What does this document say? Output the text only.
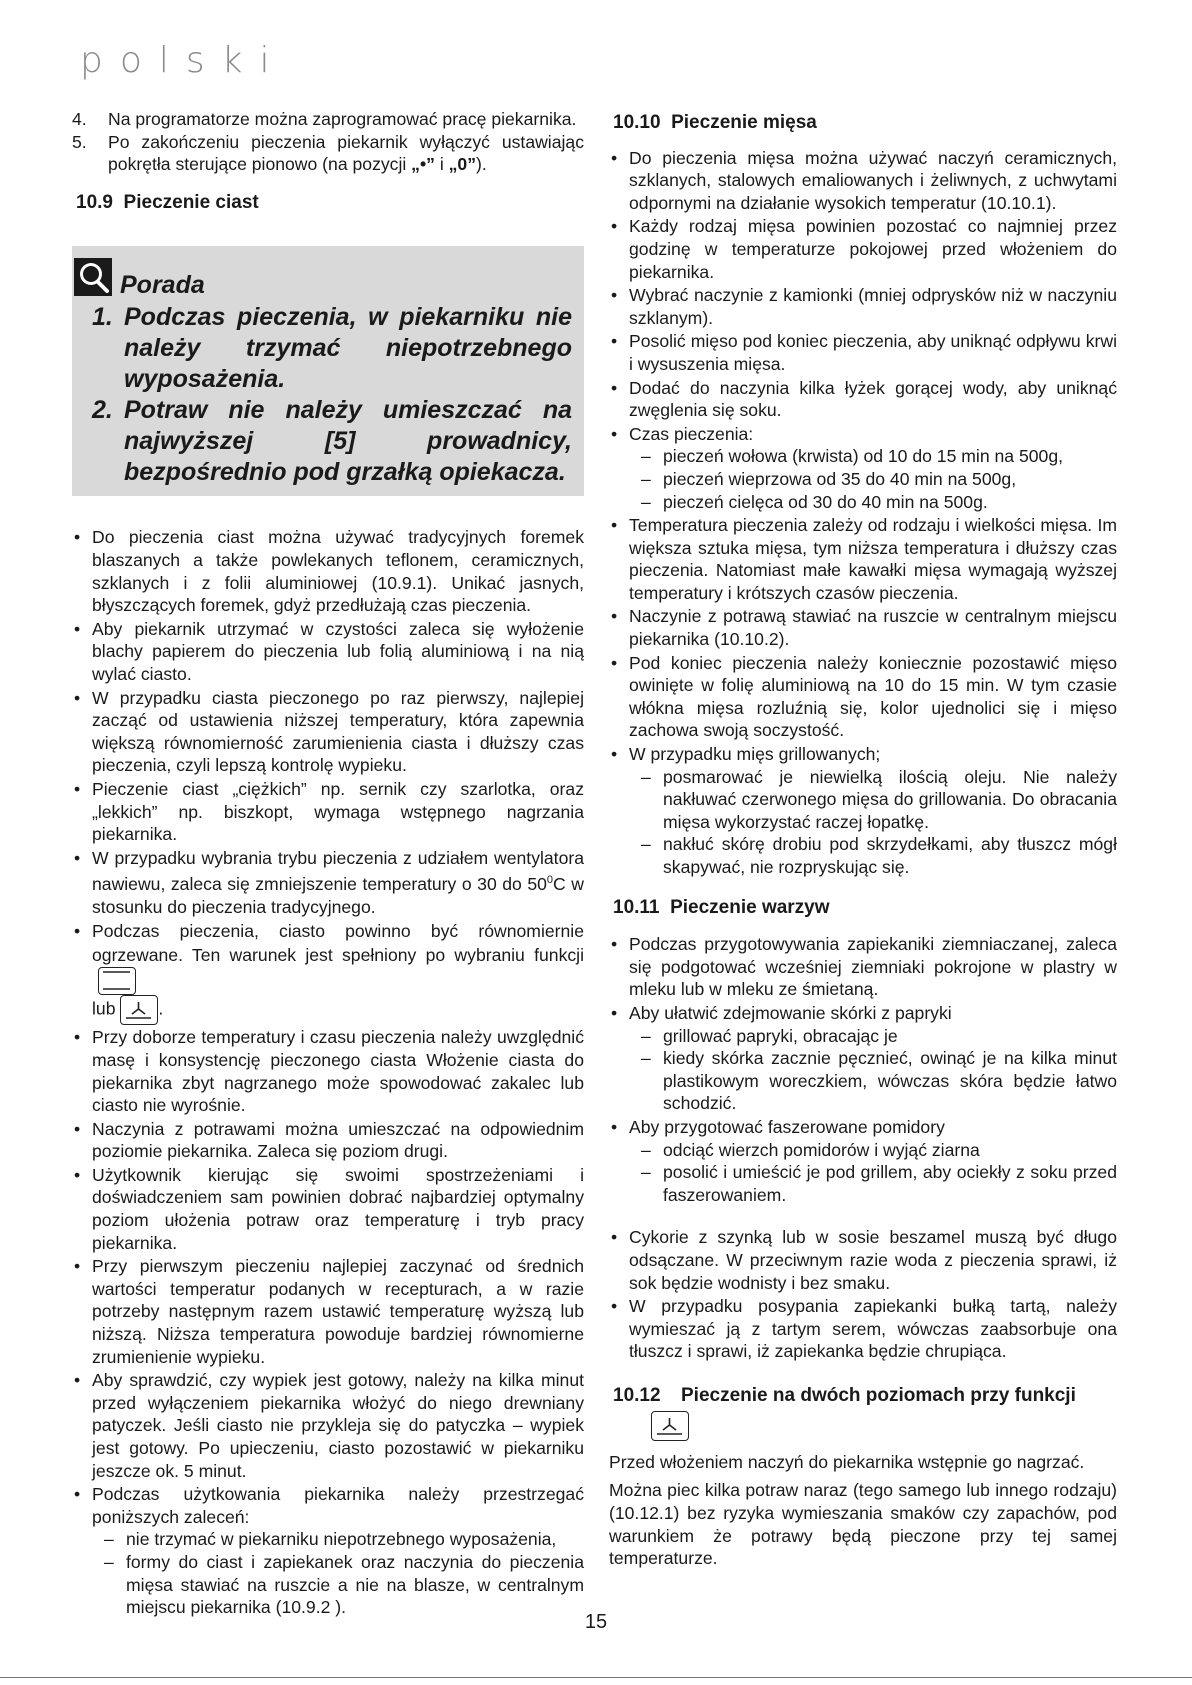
polski
4.	Na programatorze można zaprogramować pracę piekarnika.
5.	Po zakończeniu pieczenia piekarnik wyłączyć ustawiając pokrętła sterujące pionowo (na pozycji „•” i „0”).
10.9 Pieczenie ciast
Porada
1. Podczas pieczenia, w piekarniku nie należy trzymać niepotrzebnego wyposażenia.
2. Potraw nie należy umieszczać na najwyższej [5] prowadnicy, bezpośrednio pod grzałką opiekacza.
• Do pieczenia ciast można używać tradycyjnych foremek blaszanych a także powlekanych teflonem, ceramicznych, szklanych i z folii aluminiowej (10.9.1). Unikać jasnych, błyszczących foremek, gdyż przedłużają czas pieczenia.
• Aby piekarnik utrzymać w czystości zaleca się wyłożenie blachy papierem do pieczenia lub folią aluminiową i na nią wylać ciasto.
• W przypadku ciasta pieczonego po raz pierwszy, najlepiej zacząć od ustawienia niższej temperatury, która zapewnia większą równomierność zarumienienia ciasta i dłuższy czas pieczenia, czyli lepszą kontrolę wypieku.
• Pieczenie ciast „ciężkich” np. sernik czy szarlotka, oraz „lekkich” np. biszkopt, wymaga wstępnego nagrzania piekarnika.
• W przypadku wybrania trybu pieczenia z udziałem wentylatora nawiewu, zaleca się zmniejszenie temperatury o 30 do $50^0C$ w stosunku do pieczenia tradycyjnego.
• Podczas pieczenia, ciasto powinno być równomiernie ogrzewane. Ten warunek jest spełniony po wybraniu funkcji

lub .
• Przy doborze temperatury i czasu pieczenia należy uwzględnić masę i konsystencję pieczonego ciasta Włożenie ciasta do piekarnika zbyt nagrzanego może spowodować zakalec lub ciasto nie wyrośnie.
• Naczynia z potrawami można umieszczać na odpowiednim poziomie piekarnika. Zaleca się poziom drugi.
• Użytkownik kierując się swoimi spostrzeżeniami i doświadczeniem sam powinien dobrać najbardziej optymalny poziom ułożenia potraw oraz temperaturę i tryb pracy piekarnika.
• Przy pierwszym pieczeniu najlepiej zaczynać od średnich wartości temperatur podanych w recepturach, a w razie potrzeby następnym razem ustawić temperaturę wyższą lub niższą. Niższa temperatura powoduje bardziej równomierne zrumienienie wypieku.
• Aby sprawdzić, czy wypiek jest gotowy, należy na kilka minut przed wyłączeniem piekarnika włożyć do niego drewniany patyczek. Jeśli ciasto nie przykleja się do patyczka – wypiek jest gotowy. Po upieczeniu, ciasto pozostawić w piekarniku jeszcze ok. 5 minut.
• Podczas użytkowania piekarnika należy przestrzegać poniższych zaleceń:
– nie trzymać w piekarniku niepotrzebnego wyposażenia,
– formy do ciast i zapiekanek oraz naczynia do pieczenia mięsa stawiać na ruszcie a nie na blasze, w centralnym miejscu piekarnika (10.9.2 ).
10.10 Pieczenie mięsa
• Do pieczenia mięsa można używać naczyń ceramicznych, szklanych, stalowych emaliowanych i żeliwnych, z uchwytami odpornymi na działanie wysokich temperatur (10.10.1).
• Każdy rodzaj mięsa powinien pozostać co najmniej przez godzinę w temperaturze pokojowej przed włożeniem do piekarnika.
• Wybrać naczynie z kamionki (mniej odprysków niż w naczyniu szklanym).
• Posolić mięso pod koniec pieczenia, aby uniknąć odpływu krwi i wysuszenia mięsa.
• Dodać do naczynia kilka łyżek gorącej wody, aby uniknąć zwęglenia się soku.
• Czas pieczenia:
– pieczeń wołowa (krwista) od 10 do 15 min na 500g,
– pieczeń wieprzowa od 35 do 40 min na 500g,
– pieczeń cielęca od 30 do 40 min na 500g.
• Temperatura pieczenia zależy od rodzaju i wielkości mięsa. Im większa sztuka mięsa, tym niższa temperatura i dłuższy czas pieczenia. Natomiast małe kawałki mięsa wymagają wyższej temperatury i krótszych czasów pieczenia.
• Naczynie z potrawą stawiać na ruszcie w centralnym miejscu piekarnika (10.10.2).
• Pod koniec pieczenia należy koniecznie pozostawić mięso owinięte w folię aluminiową na 10 do 15 min. W tym czasie włókna mięsa rozluźnią się, kolor ujednolici się i mięso zachowa swoją soczystość.
• W przypadku mięs grillowanych;
– posmarować je niewielką ilością oleju. Nie należy nakłuwać czerwonego mięsa do grillowania. Do obracania mięsa wykorzystać raczej łopatkę.
– nakłuć skórę drobiu pod skrzydełkami, aby tłuszcz mógł skapywać, nie rozpryskując się.
10.11 Pieczenie warzyw
• Podczas przygotowywania zapiekaniki ziemniaczanej, zaleca się podgotować wcześniej ziemniaki pokrojone w plastry w mleku lub w mleku ze śmietaną.
• Aby ułatwić zdejmowanie skórki z papryki
– grillować papryki, obracając je
– kiedy skórka zacznie pęcznieć, owinąć je na kilka minut plastikowym woreczkiem, wówczas skóra będzie łatwo schodzić.
• Aby przygotować faszerowane pomidory
– odciąć wierzch pomidorów i wyjąć ziarna
– posolić i umieścić je pod grillem, aby ociekły z soku przed faszerowaniem.
• Cykorie z szynką lub w sosie beszamel muszą być długo odsączane. W przeciwnym razie woda z pieczenia sprawi, iż sok będzie wodnisty i bez smaku.
• W przypadku posypania zapiekanki bułką tartą, należy wymieszać ją z tartym serem, wówczas zaabsorbuje ona tłuszcz i sprawi, iż zapiekanka będzie chrupiąca.
10.12	Pieczenie na dwóch poziomach przy funkcji

Przed włożeniem naczyń do piekarnika wstępnie go nagrzać.

Można piec kilka potraw naraz (tego samego lub innego rodzaju) (10.12.1) bez ryzyka wymieszania smaków czy zapachów, pod warunkiem że potrawy będą pieczone przy tej samej temperaturze.

15
